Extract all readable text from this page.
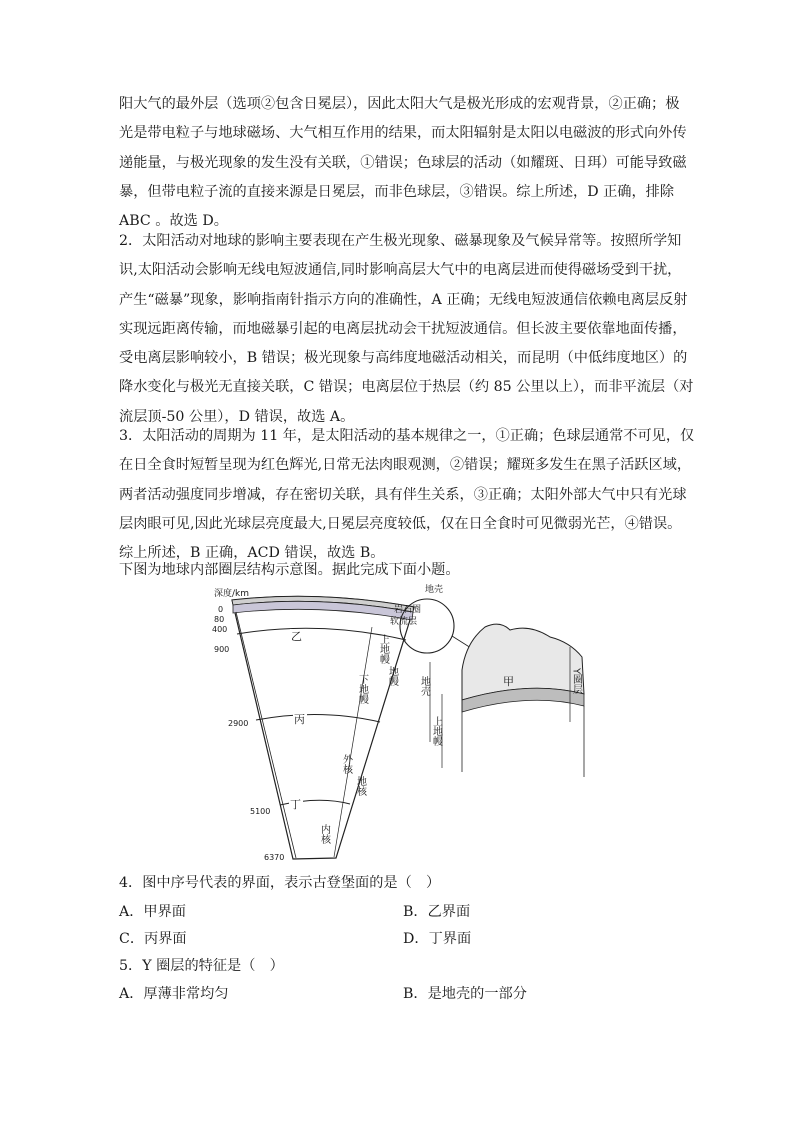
阳大气的最外层（选项②包含日冕层），因此太阳大气是极光形成的宏观背景，②正确；极
光是带电粒子与地球磁场、大气相互作用的结果，而太阳辐射是太阳以电磁波的形式向外传
递能量，与极光现象的发生没有关联，①错误；色球层的活动（如耀斑、日珥）可能导致磁
暴，但带电粒子流的直接来源是日冕层，而非色球层，③错误。综上所述，D 正确，排除
ABC 。故选 D。
2．太阳活动对地球的影响主要表现在产生极光现象、磁暴现象及气候异常等。按照所学知
识,太阳活动会影响无线电短波通信,同时影响高层大气中的电离层进而使得磁场受到干扰，
产生“磁暴”现象，影响指南针指示方向的准确性，A 正确；无线电短波通信依赖电离层反射
实现远距离传输，而地磁暴引起的电离层扰动会干扰短波通信。但长波主要依靠地面传播，
受电离层影响较小，B 错误；极光现象与高纬度地磁活动相关，而昆明（中低纬度地区）的
降水变化与极光无直接关联，C 错误；电离层位于热层（约 85 公里以上），而非平流层（对
流层顶-50 公里），D 错误，故选 A。
3．太阳活动的周期为 11 年，是太阳活动的基本规律之一，①正确；色球层通常不可见，仅
在日全食时短暂呈现为红色辉光,日常无法肉眼观测，②错误；耀斑多发生在黑子活跃区域，
两者活动强度同步增减，存在密切关联，具有伴生关系，③正确；太阳外部大气中只有光球
层肉眼可见,因此光球层亮度最大,日冕层亮度较低，仅在日全食时可见微弱光芒，④错误。
综上所述，B 正确，ACD 错误，故选 B。
下图为地球内部圈层结构示意图。据此完成下面小题。
深度/km
0
80
400
900
2900
5100
6370
乙
丙
丁
岩石圈
软流层
地壳
上地幔
地幔
下地幔
外核
地核
内核
甲
地壳
上地幔
Y圈层
4．图中序号代表的界面，表示古登堡面的是（　）
A．甲界面	B．乙界面
C．丙界面	D．丁界面
5．Y 圈层的特征是（　）
A．厚薄非常均匀	B．是地壳的一部分
